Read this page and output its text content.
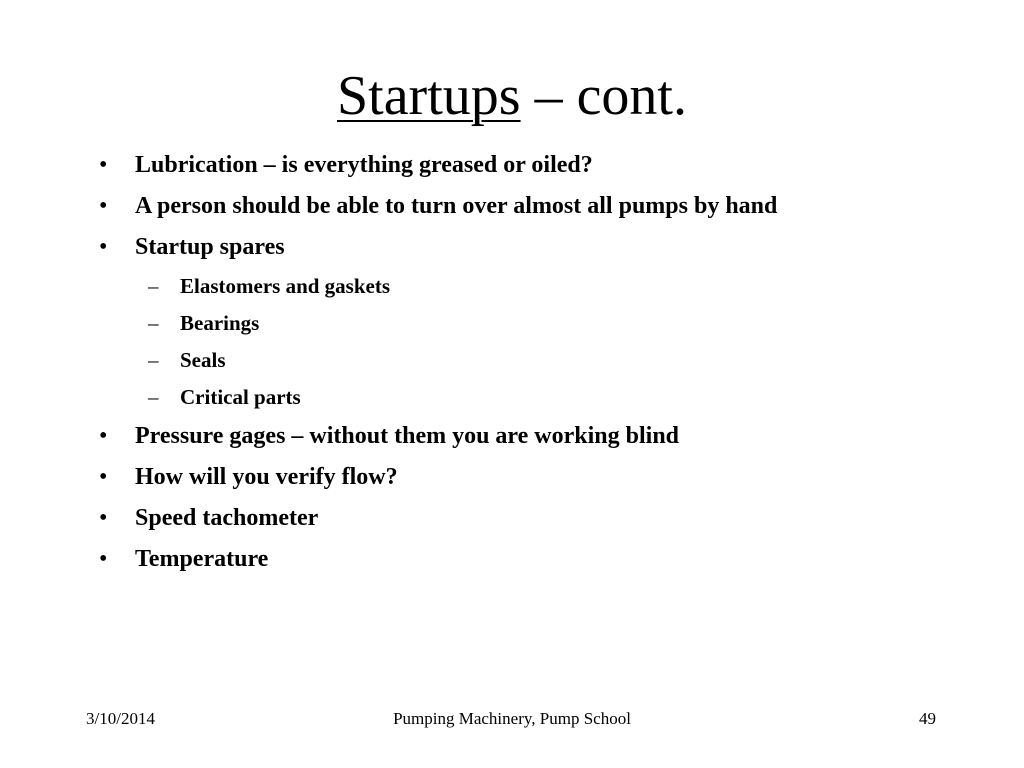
Startups – cont.
• Lubrication – is everything greased or oiled?
• A person should be able to turn over almost all pumps by hand
• Startup spares
– Elastomers and gaskets
– Bearings
– Seals
– Critical parts
• Pressure gages – without them you are working blind
• How will you verify flow?
• Speed tachometer
• Temperature
3/10/2014	Pumping Machinery, Pump School	49
